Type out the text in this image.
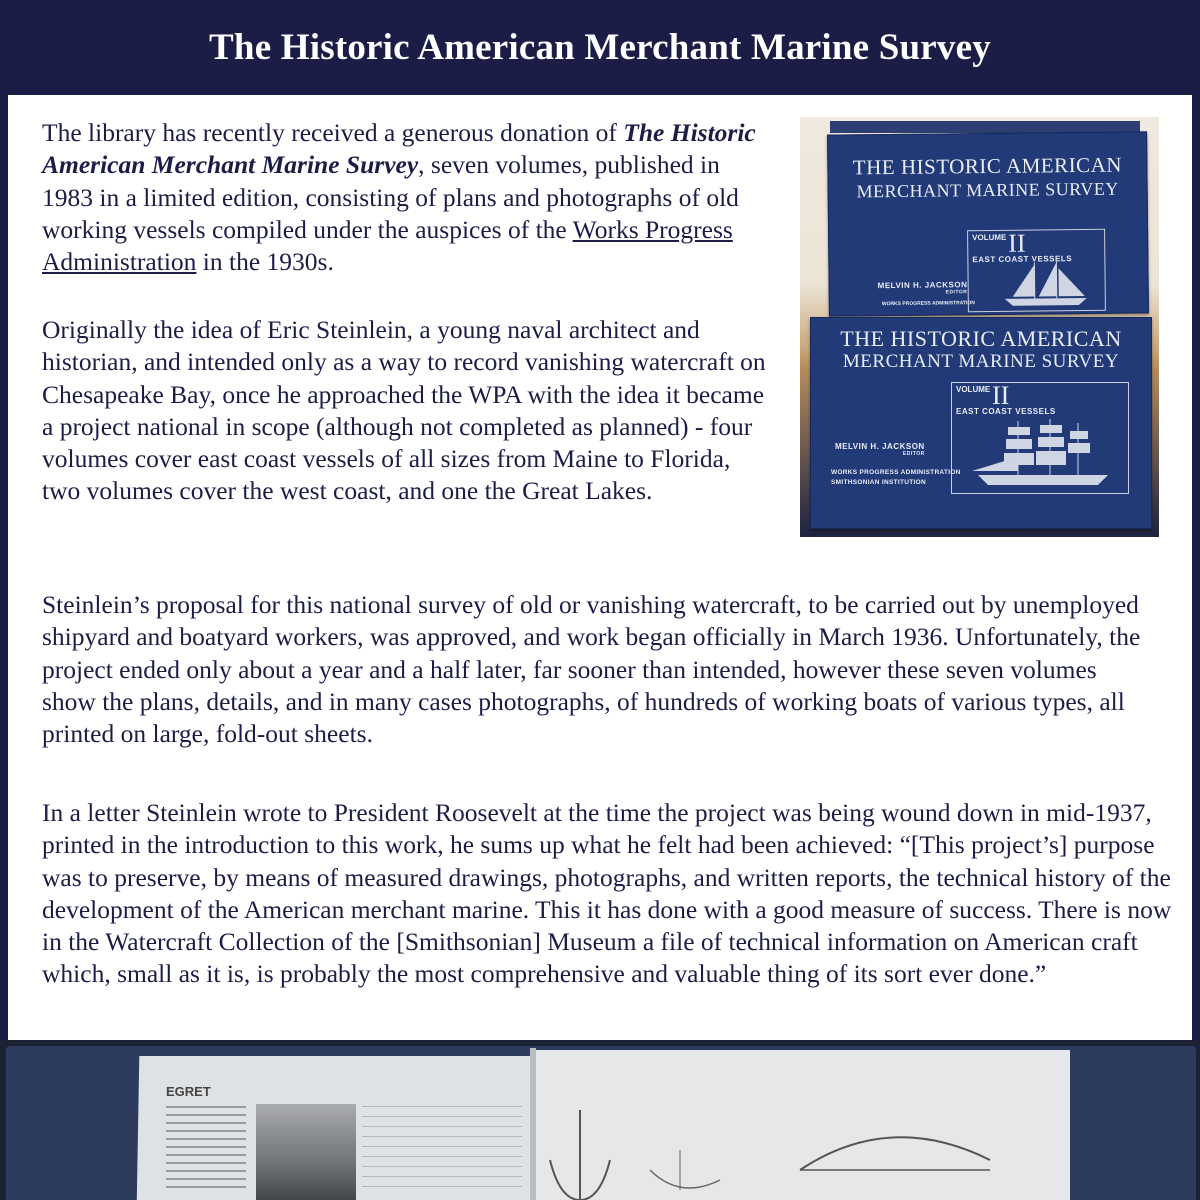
The Historic American Merchant Marine Survey

The library has recently received a generous donation of The Historic American Merchant Marine Survey, seven volumes, published in 1983 in a limited edition, consisting of plans and photographs of old working vessels compiled under the auspices of the Works Progress Administration in the 1930s.

Originally the idea of Eric Steinlein, a young naval architect and historian, and intended only as a way to record vanishing watercraft on Chesapeake Bay, once he approached the WPA with the idea it became a project national in scope (although not completed as planned) - four volumes cover east coast vessels of all sizes from Maine to Florida, two volumes cover the west coast, and one the Great Lakes.

Steinlein’s proposal for this national survey of old or vanishing watercraft, to be carried out by unemployed shipyard and boatyard workers, was approved, and work began officially in March 1936. Unfortunately, the project ended only about a year and a half later, far sooner than intended, however these seven volumes show the plans, details, and in many cases photographs, of hundreds of working boats of various types, all printed on large, fold-out sheets.

In a letter Steinlein wrote to President Roosevelt at the time the project was being wound down in mid-1937, printed in the introduction to this work, he sums up what he felt had been achieved: “[This project’s] purpose was to preserve, by means of measured drawings, photographs, and written reports, the technical history of the development of the American merchant marine. This it has done with a good measure of success. There is now in the Watercraft Collection of the [Smithsonian] Museum a file of technical information on American craft which, small as it is, is probably the most comprehensive and valuable thing of its sort ever done.”

THE HISTORIC AMERICAN
MERCHANT MARINE SURVEY
VOLUME II
EAST COAST VESSELS
MELVIN H. JACKSON
EDITOR
WORKS PROGRESS ADMINISTRATION
THE HISTORIC AMERICAN
MERCHANT MARINE SURVEY
VOLUME II
EAST COAST VESSELS
MELVIN H. JACKSON
EDITOR
WORKS PROGRESS ADMINISTRATION
SMITHSONIAN INSTITUTION
EGRET
